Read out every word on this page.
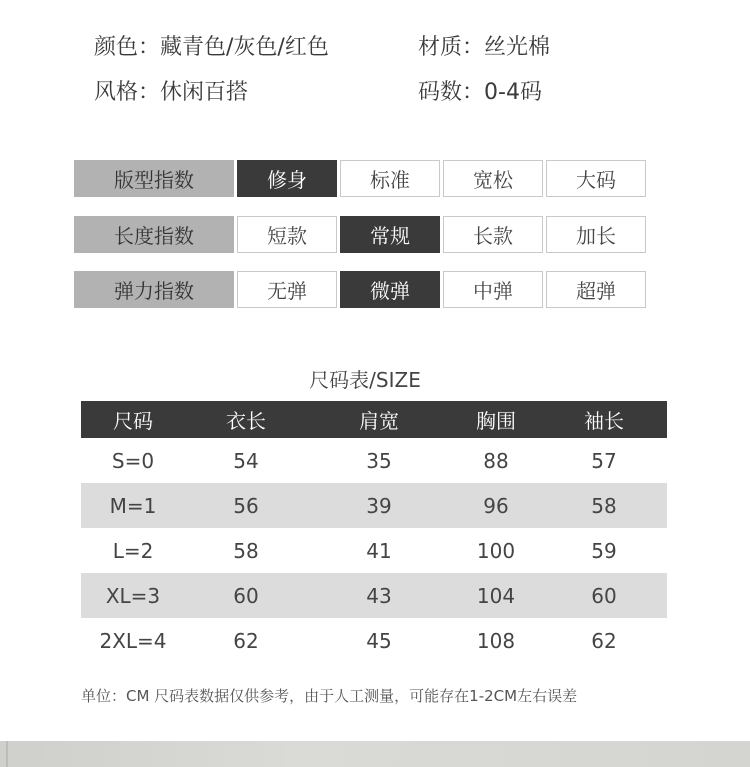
颜色：藏青色/灰色/红色	材质：丝光棉
风格：休闲百搭	码数：0-4码
版型指数	修身	标准	宽松	大码
长度指数	短款	常规	长款	加长
弹力指数	无弹	微弹	中弹	超弹
尺码表/SIZE
尺码	衣长	肩宽	胸围	袖长
S=0	54	35	88	57
M=1	56	39	96	58
L=2	58	41	100	59
XL=3	60	43	104	60
2XL=4	62	45	108	62
单位：CM 尺码表数据仅供参考，由于人工测量，可能存在1-2CM左右误差
